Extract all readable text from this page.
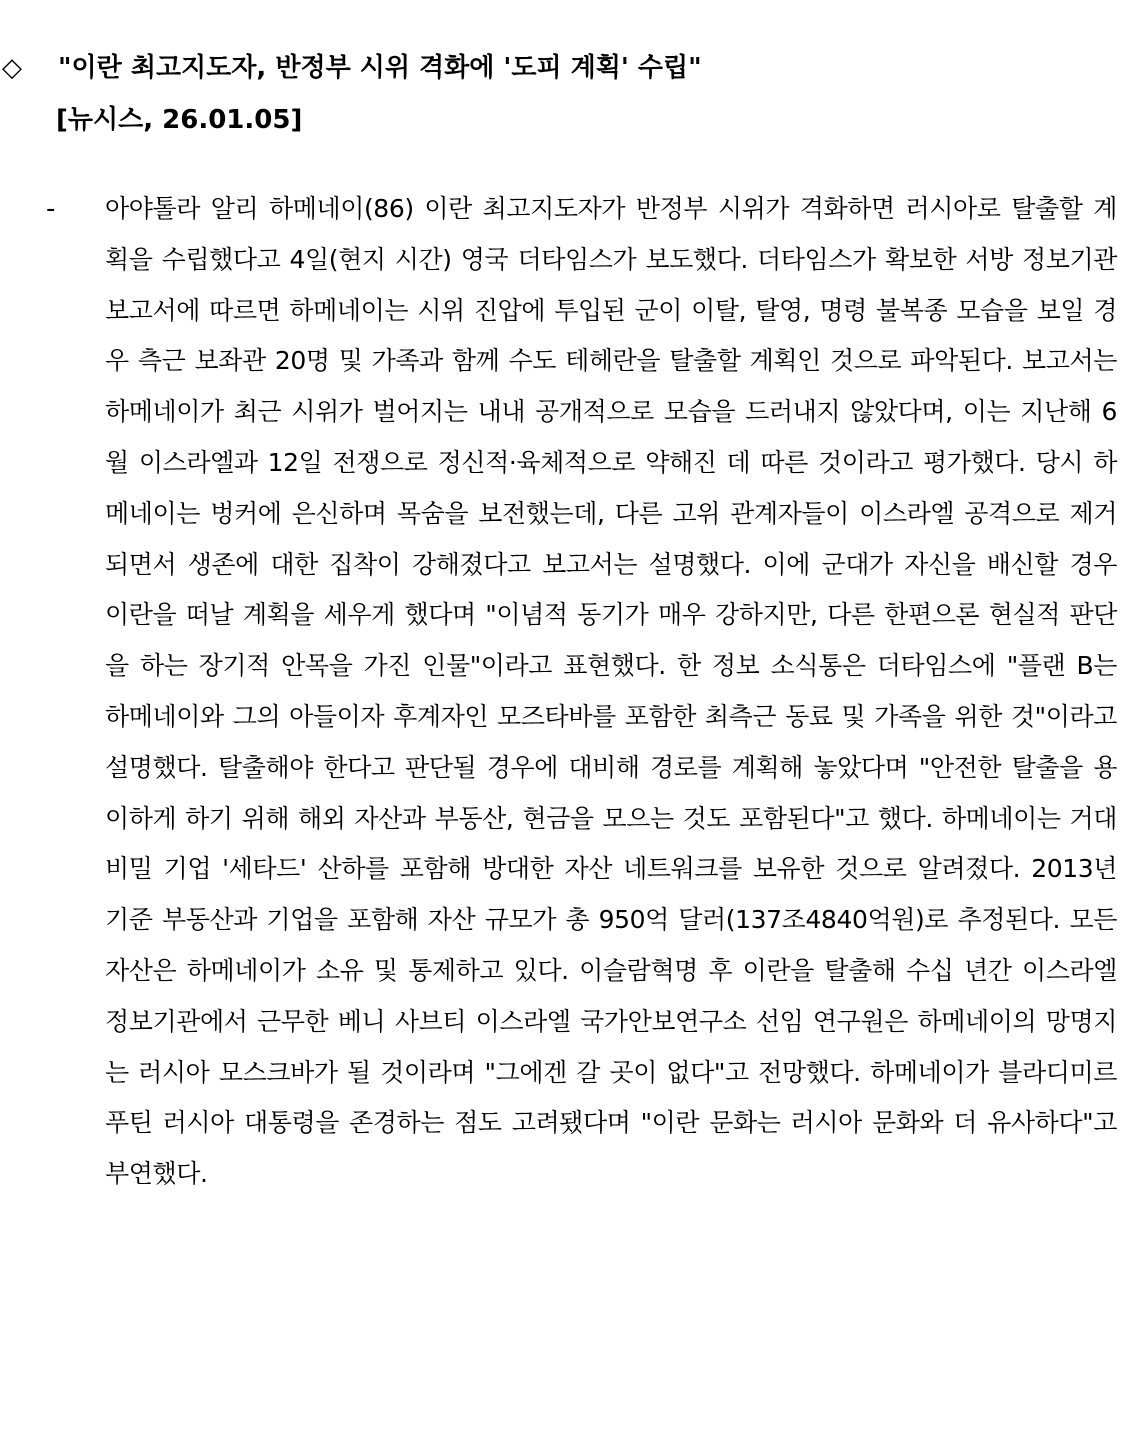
◇	"이란 최고지도자, 반정부 시위 격화에 '도피 계획' 수립"
[뉴시스, 26.01.05]
-	아야톨라 알리 하메네이(86) 이란 최고지도자가 반정부 시위가 격화하면 러시아로 탈출할 계획을 수립했다고 4일(현지 시간) 영국 더타임스가 보도했다. 더타임스가 확보한 서방 정보기관 보고서에 따르면 하메네이는 시위 진압에 투입된 군이 이탈, 탈영, 명령 불복종 모습을 보일 경우 측근 보좌관 20명 및 가족과 함께 수도 테헤란을 탈출할 계획인 것으로 파악된다. 보고서는 하메네이가 최근 시위가 벌어지는 내내 공개적으로 모습을 드러내지 않았다며, 이는 지난해 6월 이스라엘과 12일 전쟁으로 정신적·육체적으로 약해진 데 따른 것이라고 평가했다. 당시 하메네이는 벙커에 은신하며 목숨을 보전했는데, 다른 고위 관계자들이 이스라엘 공격으로 제거되면서 생존에 대한 집착이 강해졌다고 보고서는 설명했다. 이에 군대가 자신을 배신할 경우 이란을 떠날 계획을 세우게 했다며 "이념적 동기가 매우 강하지만, 다른 한편으론 현실적 판단을 하는 장기적 안목을 가진 인물"이라고 표현했다. 한 정보 소식통은 더타임스에 "플랜 B는 하메네이와 그의 아들이자 후계자인 모즈타바를 포함한 최측근 동료 및 가족을 위한 것"이라고 설명했다. 탈출해야 한다고 판단될 경우에 대비해 경로를 계획해 놓았다며 "안전한 탈출을 용이하게 하기 위해 해외 자산과 부동산, 현금을 모으는 것도 포함된다"고 했다. 하메네이는 거대 비밀 기업 '세타드' 산하를 포함해 방대한 자산 네트워크를 보유한 것으로 알려졌다. 2013년 기준 부동산과 기업을 포함해 자산 규모가 총 950억 달러(137조4840억원)로 추정된다. 모든 자산은 하메네이가 소유 및 통제하고 있다. 이슬람혁명 후 이란을 탈출해 수십 년간 이스라엘 정보기관에서 근무한 베니 사브티 이스라엘 국가안보연구소 선임 연구원은 하메네이의 망명지는 러시아 모스크바가 될 것이라며 "그에겐 갈 곳이 없다"고 전망했다. 하메네이가 블라디미르 푸틴 러시아 대통령을 존경하는 점도 고려됐다며 "이란 문화는 러시아 문화와 더 유사하다"고 부연했다.
